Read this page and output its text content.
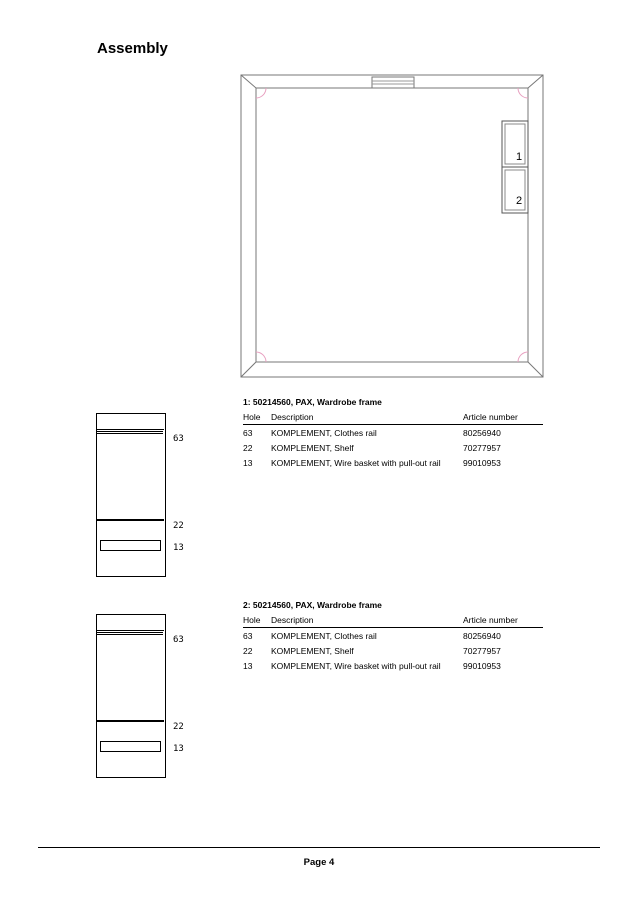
Assembly
1
2
63
22
13
1: 50214560, PAX, Wardrobe frame
Hole	Description	Article number
63	KOMPLEMENT, Clothes rail	80256940
22	KOMPLEMENT, Shelf	70277957
13	KOMPLEMENT, Wire basket with pull-out rail	99010953
63
22
13
2: 50214560, PAX, Wardrobe frame
Hole	Description	Article number
63	KOMPLEMENT, Clothes rail	80256940
22	KOMPLEMENT, Shelf	70277957
13	KOMPLEMENT, Wire basket with pull-out rail	99010953
Page 4
